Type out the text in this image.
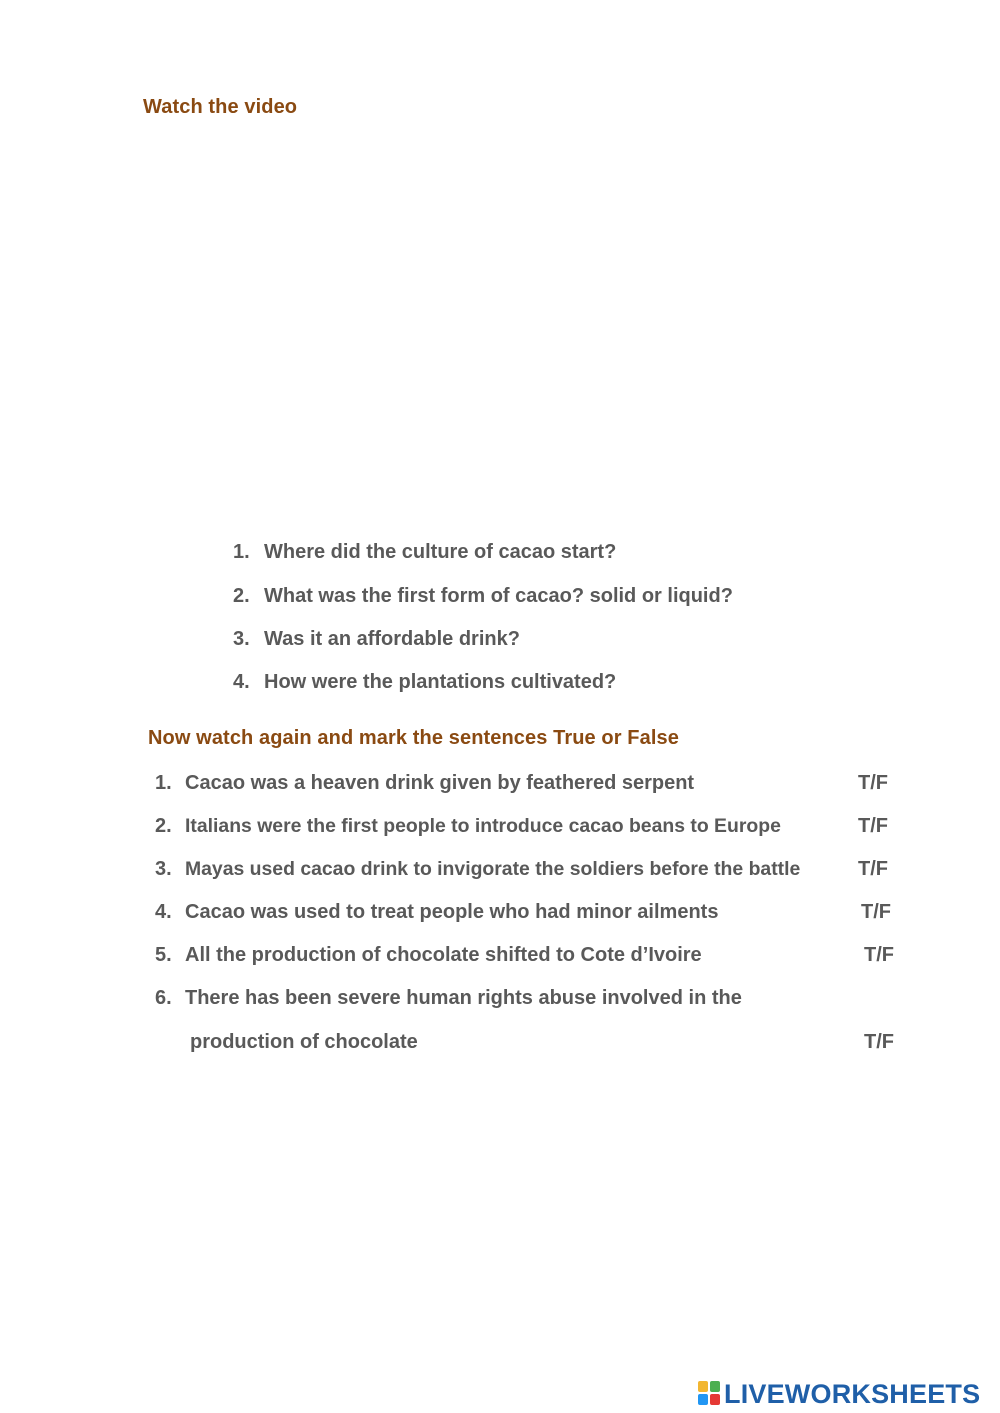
Watch the video
1. Where did the culture of cacao start?
2. What was the first form of cacao? solid or liquid?
3. Was it an affordable drink?
4. How were the plantations cultivated?
Now watch again and mark the sentences True or False
1. Cacao was a heaven drink given by feathered serpent	T/F
2. Italians were the first people to introduce cacao beans to Europe	T/F
3. Mayas used cacao drink to invigorate the soldiers before the battle	T/F
4. Cacao was used to treat people who had minor ailments	T/F
5. All the production of chocolate shifted to Cote d’Ivoire	T/F
6. There has been severe human rights abuse involved in the
production of chocolate	T/F
LIVEWORKSHEETS
